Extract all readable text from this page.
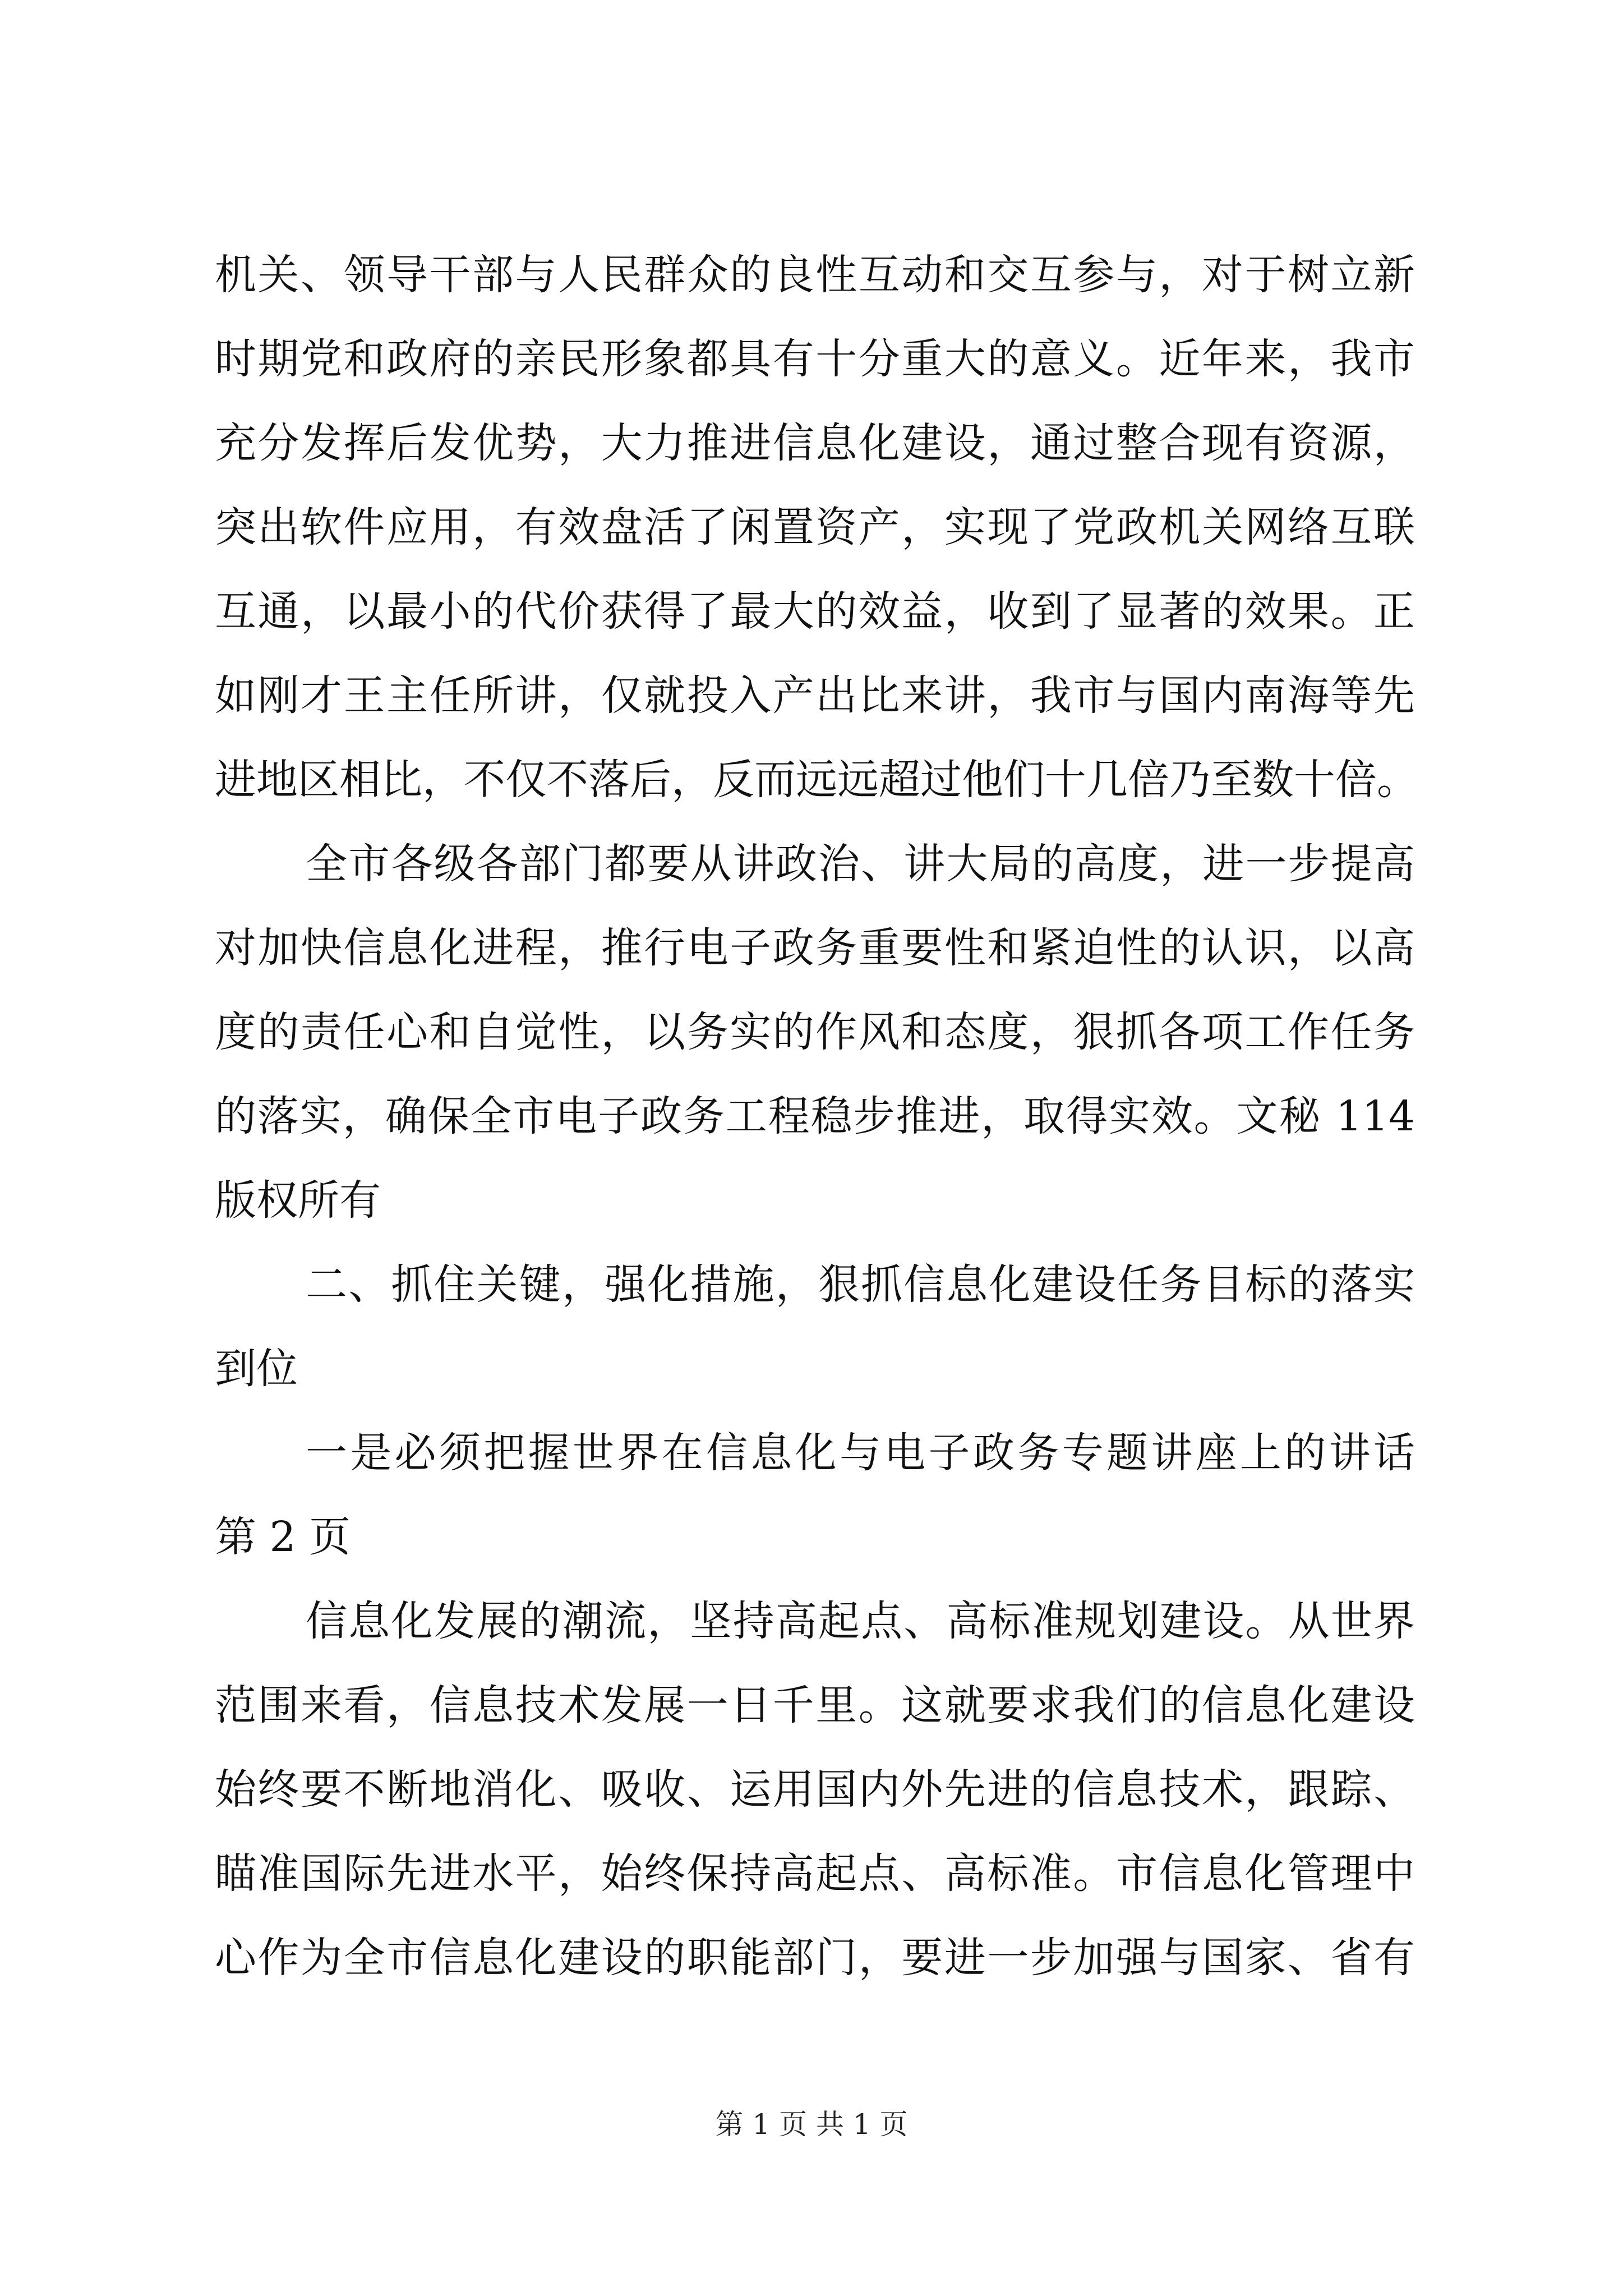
机关、领导干部与人民群众的良性互动和交互参与，对于树立新
时期党和政府的亲民形象都具有十分重大的意义。近年来，我市
充分发挥后发优势，大力推进信息化建设，通过整合现有资源，
突出软件应用，有效盘活了闲置资产，实现了党政机关网络互联
互通，以最小的代价获得了最大的效益，收到了显著的效果。正
如刚才王主任所讲，仅就投入产出比来讲，我市与国内南海等先
进地区相比，不仅不落后，反而远远超过他们十几倍乃至数十倍。
全市各级各部门都要从讲政治、讲大局的高度，进一步提高
对加快信息化进程，推行电子政务重要性和紧迫性的认识，以高
度的责任心和自觉性，以务实的作风和态度，狠抓各项工作任务
的落实，确保全市电子政务工程稳步推进，取得实效。文秘 114
版权所有
二、抓住关键，强化措施，狠抓信息化建设任务目标的落实
到位
一是必须把握世界在信息化与电子政务专题讲座上的讲话
第 2 页
信息化发展的潮流，坚持高起点、高标准规划建设。从世界
范围来看，信息技术发展一日千里。这就要求我们的信息化建设
始终要不断地消化、吸收、运用国内外先进的信息技术，跟踪、
瞄准国际先进水平，始终保持高起点、高标准。市信息化管理中
心作为全市信息化建设的职能部门，要进一步加强与国家、省有
第 1 页 共 1 页
